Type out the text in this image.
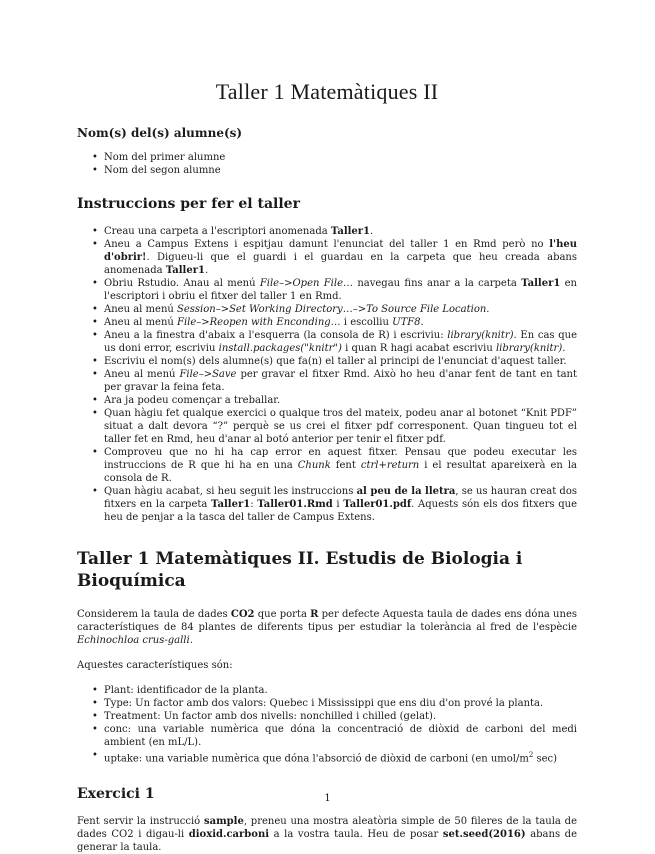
Taller 1 Matemàtiques II
Nom(s) del(s) alumne(s)
• Nom del primer alumne
• Nom del segon alumne
Instruccions per fer el taller
• Creau una carpeta a l'escriptori anomenada Taller1.
• Aneu a Campus Extens i espitjau damunt l'enunciat del taller 1 en Rmd però no l'heu d'obrir!. Digueu-li que el guardi i el guardau en la carpeta que heu creada abans anomenada Taller1.
• Obriu Rstudio. Anau al menú File–>Open File… navegau fins anar a la carpeta Taller1 en l'escriptori i obriu el fitxer del taller 1 en Rmd.
• Aneu al menú Session–>Set Working Directory…–>To Source File Location.
• Aneu al menú File–>Reopen with Enconding… i escolliu UTF8.
• Aneu a la finestra d'abaix a l'esquerra (la consola de R) i escriviu: library(knitr). En cas que us doni error, escriviu install.packages("knitr") i quan R hagi acabat escriviu library(knitr).
• Escriviu el nom(s) dels alumne(s) que fa(n) el taller al principi de l'enunciat d'aquest taller.
• Aneu al menú File–>Save per gravar el fitxer Rmd. Això ho heu d'anar fent de tant en tant per gravar la feina feta.
• Ara ja podeu començar a treballar.
• Quan hàgiu fet qualque exercici o qualque tros del mateix, podeu anar al botonet “Knit PDF” situat a dalt devora “?” perquè se us crei el fitxer pdf corresponent. Quan tingueu tot el taller fet en Rmd, heu d'anar al botó anterior per tenir el fitxer pdf.
• Comproveu que no hi ha cap error en aquest fitxer. Pensau que podeu executar les instruccions de R que hi ha en una Chunk fent ctrl+return i el resultat apareixerà en la consola de R.
• Quan hàgiu acabat, si heu seguit les instruccions al peu de la lletra, se us hauran creat dos fitxers en la carpeta Taller1: Taller01.Rmd i Taller01.pdf. Aquests són els dos fitxers que heu de penjar a la tasca del taller de Campus Extens.
Taller 1 Matemàtiques II. Estudis de Biologia i Bioquímica

Considerem la taula de dades CO2 que porta R per defecte Aquesta taula de dades ens dóna unes característiques de 84 plantes de diferents tipus per estudiar la tolerància al fred de l'espècie Echinochloa crus-galli.

Aquestes característiques són:

• Plant: identificador de la planta.
• Type: Un factor amb dos valors: Quebec i Mississippi que ens diu d'on prové la planta.
• Treatment: Un factor amb dos nivells: nonchilled i chilled (gelat).
• conc: una variable numèrica que dóna la concentració de diòxid de carboni del medi ambient (en mL/L).
• uptake: una variable numèrica que dóna l'absorció de diòxid de carboni (en umol/$m^2$ sec)
Exercici 1

Fent servir la instrucció sample, preneu una mostra aleatòria simple de 50 fileres de la taula de dades CO2 i digau-li dioxid.carboni a la vostra taula. Heu de posar set.seed(2016) abans de generar la taula.

1
